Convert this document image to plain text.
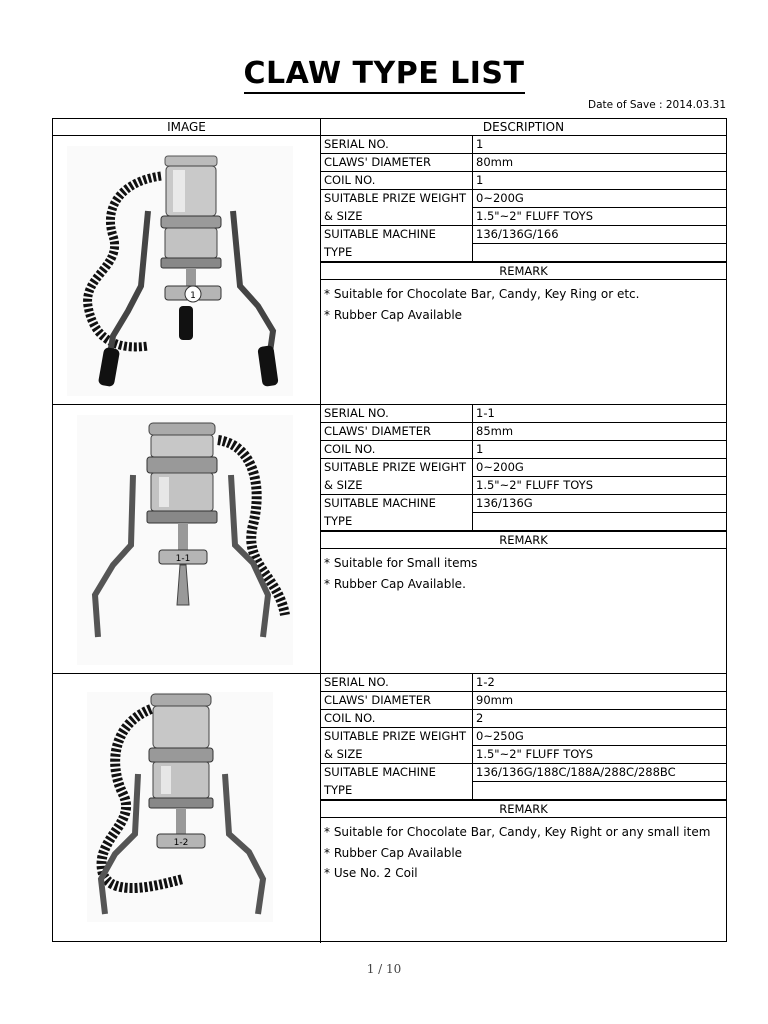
CLAW TYPE LIST
Date of Save : 2014.03.31
IMAGE	DESCRIPTION
1
SERIAL NO.	1
CLAWS' DIAMETER	80mm
COIL NO.	1
SUITABLE PRIZE WEIGHT 0~200G
& SIZE	1.5"~2" FLUFF TOYS
SUITABLE MACHINE	136/136G/166
TYPE
REMARK
* Suitable for Chocolate Bar, Candy, Key Ring or etc.
* Rubber Cap Available
1-1
SERIAL NO.	1-1
CLAWS' DIAMETER	85mm
COIL NO.	1
SUITABLE PRIZE WEIGHT 0~200G
& SIZE	1.5"~2" FLUFF TOYS
SUITABLE MACHINE	136/136G
TYPE
REMARK
* Suitable for Small items
* Rubber Cap Available.
1-2
SERIAL NO.	1-2
CLAWS' DIAMETER	90mm
COIL NO.	2
SUITABLE PRIZE WEIGHT 0~250G
& SIZE	1.5"~2" FLUFF TOYS
SUITABLE MACHINE	136/136G/188C/188A/288C/288BC
TYPE
REMARK
* Suitable for Chocolate Bar, Candy, Key Right or any small item
* Rubber Cap Available
* Use No. 2 Coil
1 / 10
